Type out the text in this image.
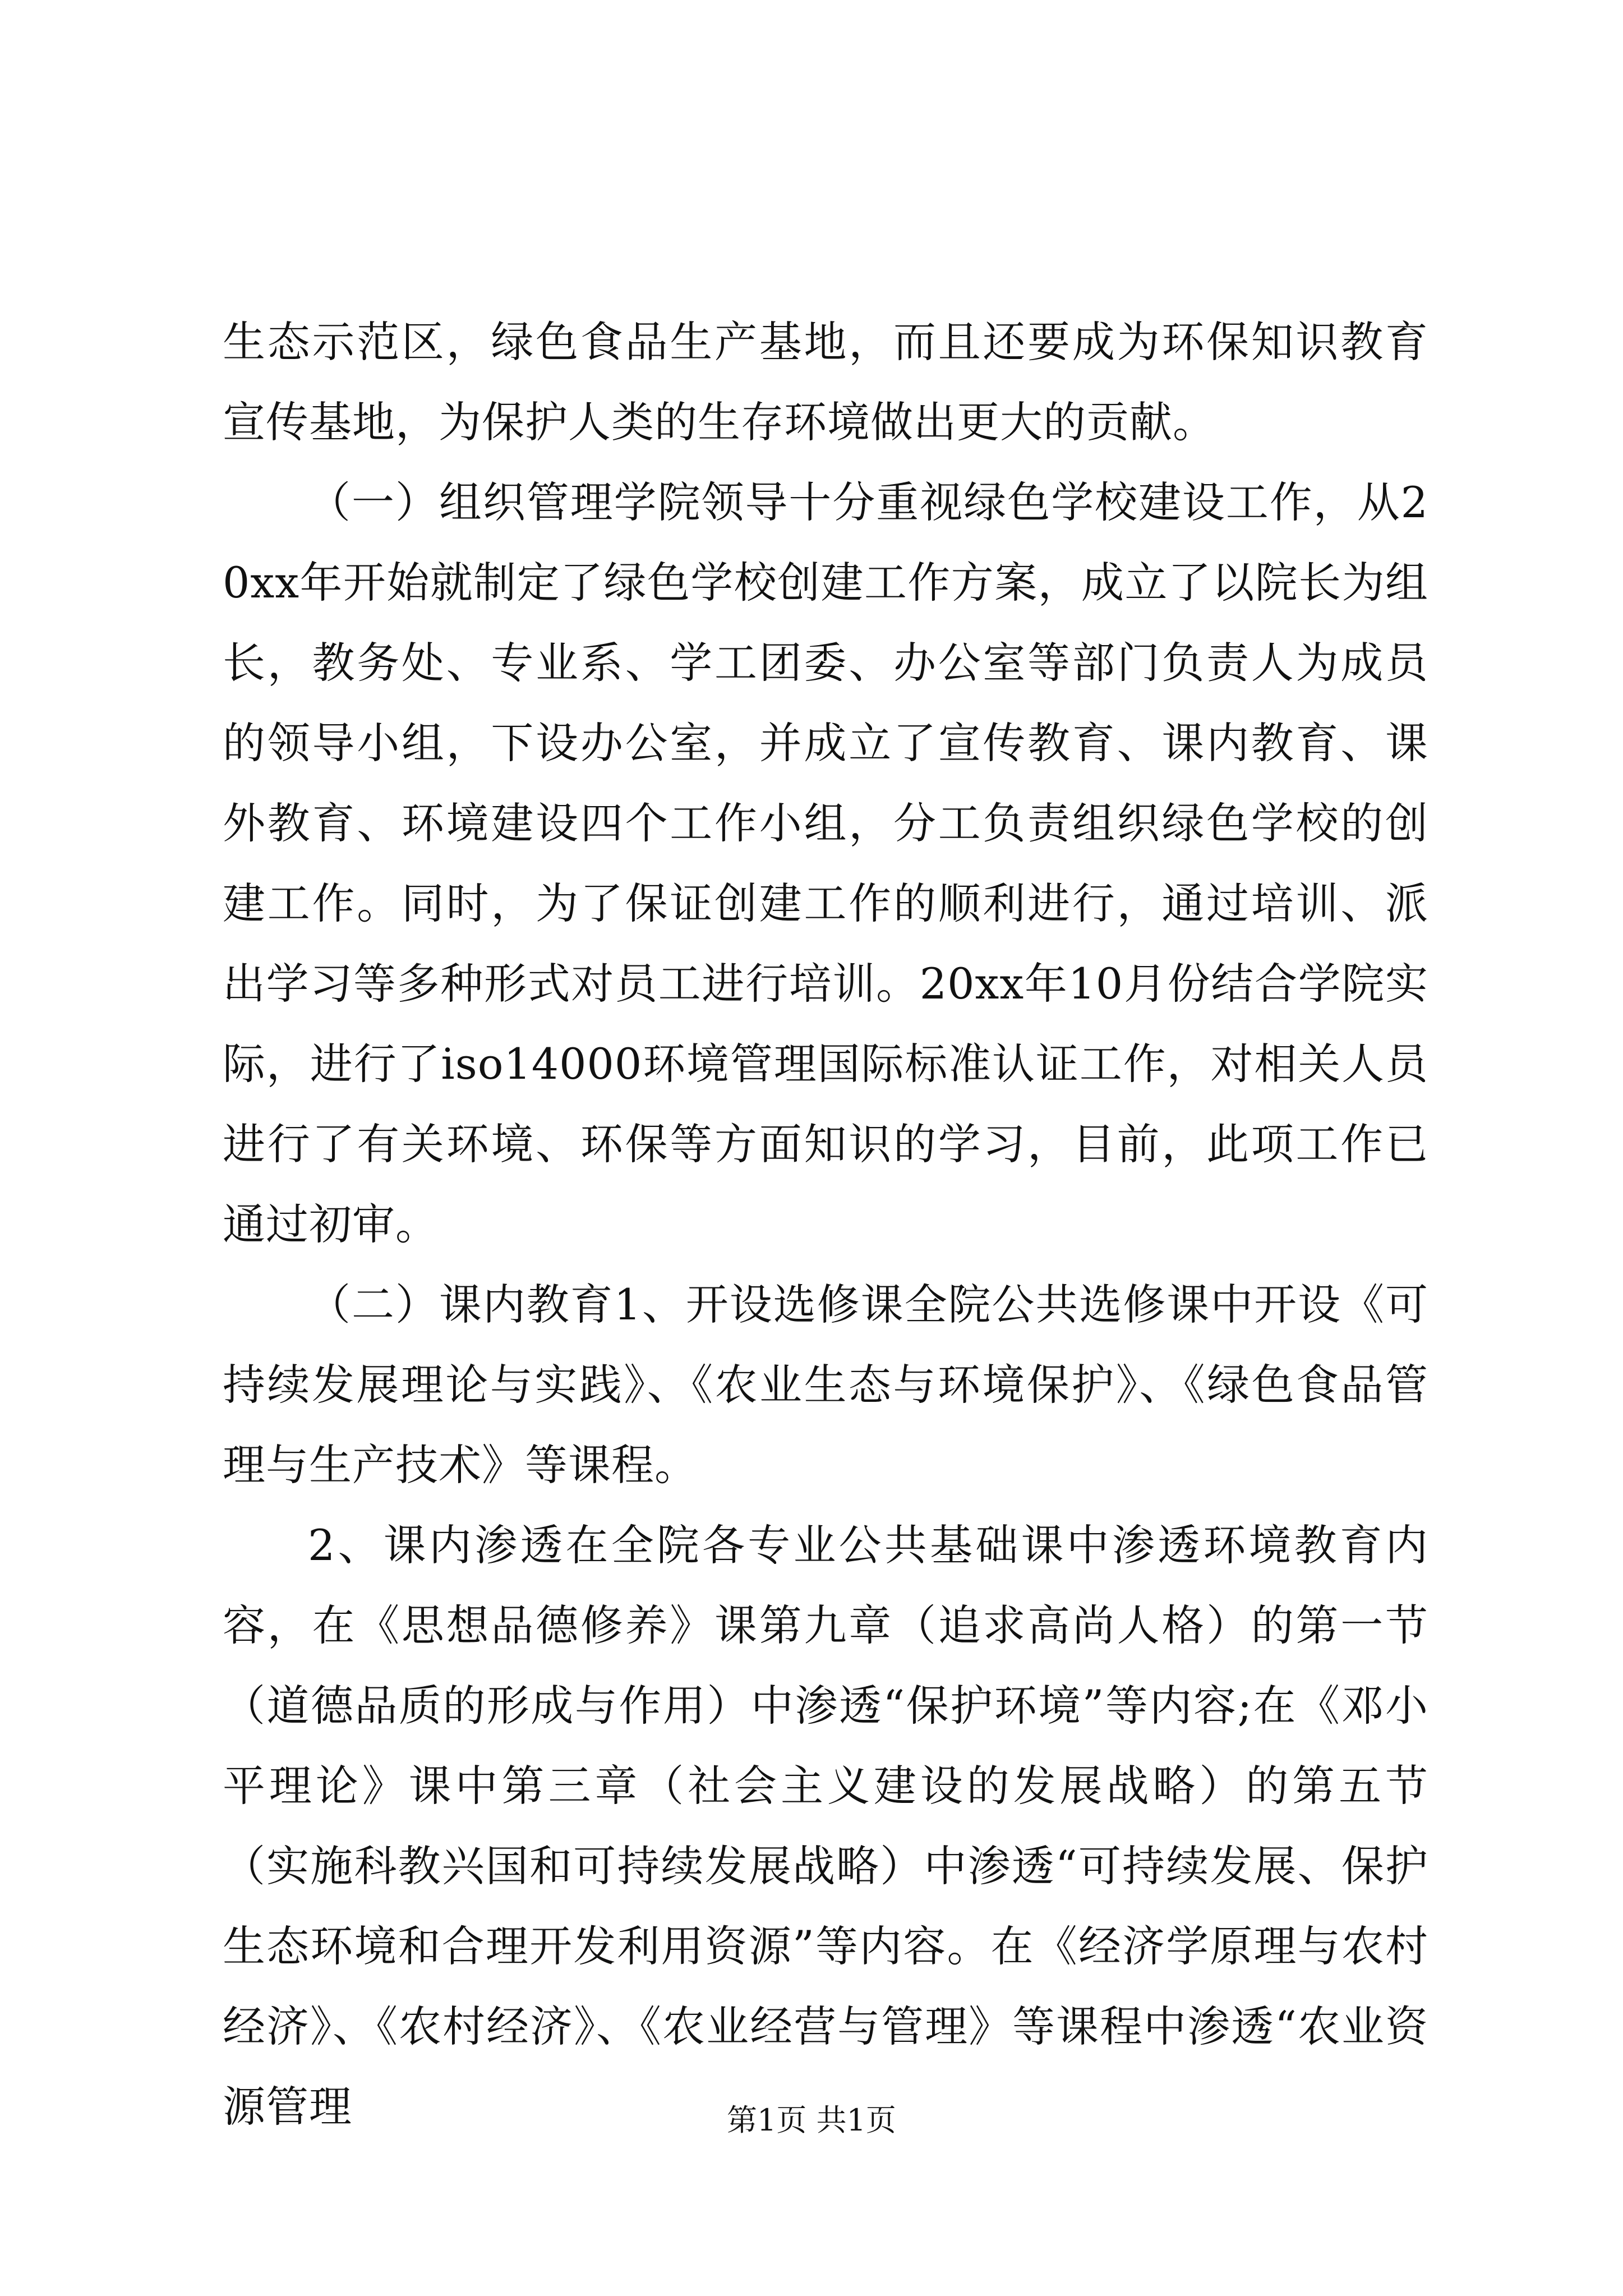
生态示范区，绿色食品生产基地，而且还要成为环保知识教育宣传基地，为保护人类的生存环境做出更大的贡献。

（一）组织管理学院领导十分重视绿色学校建设工作，从20xx年开始就制定了绿色学校创建工作方案，成立了以院长为组长，教务处、专业系、学工团委、办公室等部门负责人为成员的领导小组，下设办公室，并成立了宣传教育、课内教育、课外教育、环境建设四个工作小组，分工负责组织绿色学校的创建工作。同时，为了保证创建工作的顺利进行，通过培训、派出学习等多种形式对员工进行培训。20xx年10月份结合学院实际，进行了iso14000环境管理国际标准认证工作，对相关人员进行了有关环境、环保等方面知识的学习，目前，此项工作已通过初审。

（二）课内教育1、开设选修课全院公共选修课中开设《可持续发展理论与实践》、《农业生态与环境保护》、《绿色食品管理与生产技术》等课程。

2、课内渗透在全院各专业公共基础课中渗透环境教育内容，在《思想品德修养》课第九章（追求高尚人格）的第一节（道德品质的形成与作用）中渗透“保护环境”等内容;在《邓小平理论》课中第三章（社会主义建设的发展战略）的第五节（实施科教兴国和可持续发展战略）中渗透“可持续发展、保护生态环境和合理开发利用资源”等内容。在《经济学原理与农村经济》、《农村经济》、《农业经营与管理》等课程中渗透“农业资源管理	第1页 共1页
